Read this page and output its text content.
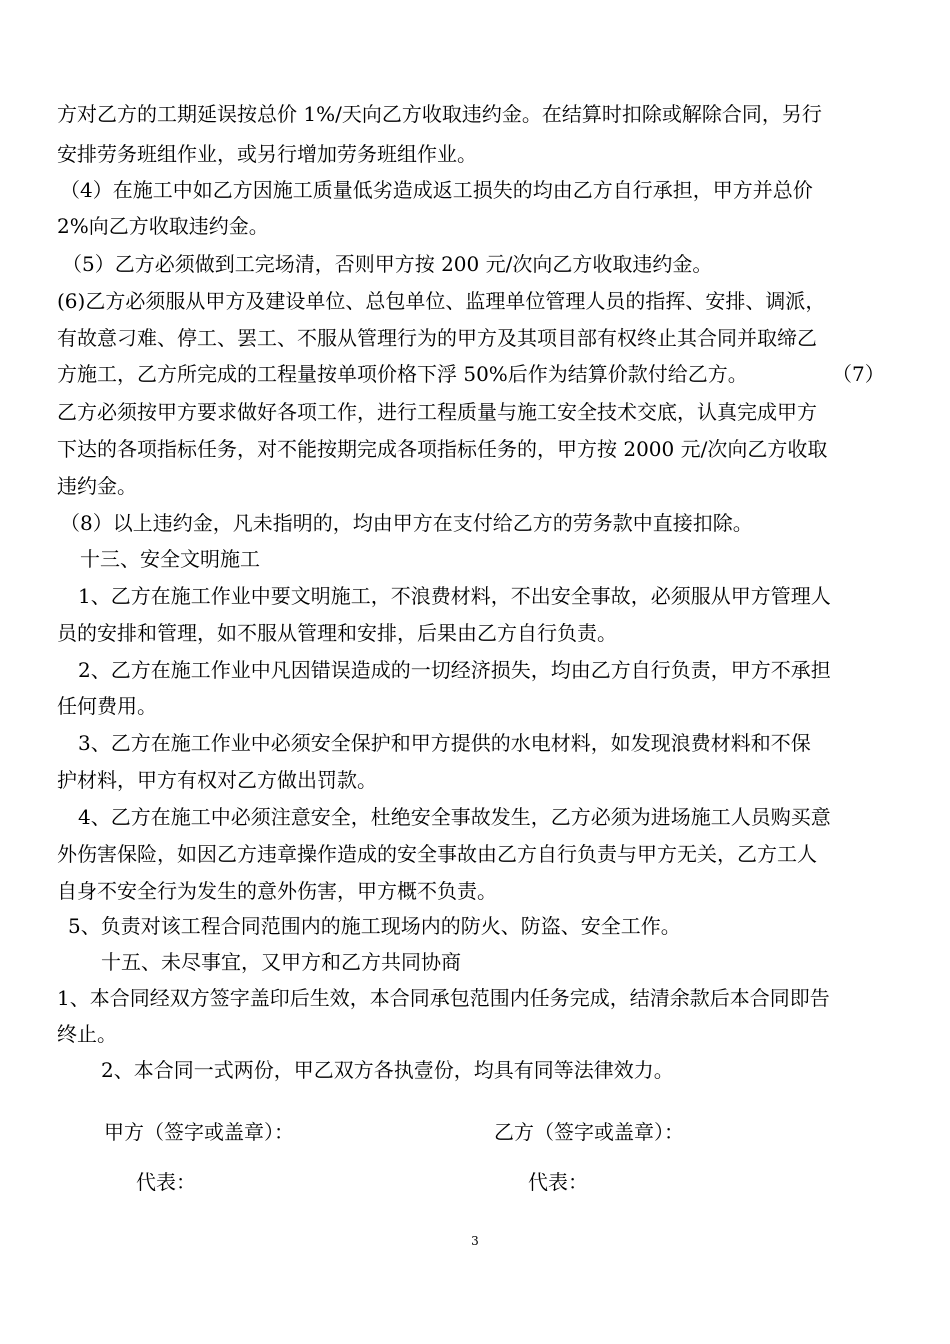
方对乙方的工期延误按总价 1%/天向乙方收取违约金。在结算时扣除或解除合同，另行
安排劳务班组作业，或另行增加劳务班组作业。
（4）在施工中如乙方因施工质量低劣造成返工损失的均由乙方自行承担，甲方并总价
2%向乙方收取违约金。
（5）乙方必须做到工完场清，否则甲方按 200 元/次向乙方收取违约金。
(6)乙方必须服从甲方及建设单位、总包单位、监理单位管理人员的指挥、安排、调派，
有故意刁难、停工、罢工、不服从管理行为的甲方及其项目部有权终止其合同并取缔乙
方施工，乙方所完成的工程量按单项价格下浮 50%后作为结算价款付给乙方。	（7）
乙方必须按甲方要求做好各项工作，进行工程质量与施工安全技术交底，认真完成甲方
下达的各项指标任务，对不能按期完成各项指标任务的，甲方按 2000 元/次向乙方收取
违约金。
（8）以上违约金，凡未指明的，均由甲方在支付给乙方的劳务款中直接扣除。
十三、安全文明施工
1、乙方在施工作业中要文明施工，不浪费材料，不出安全事故，必须服从甲方管理人
员的安排和管理，如不服从管理和安排，后果由乙方自行负责。
2、乙方在施工作业中凡因错误造成的一切经济损失，均由乙方自行负责，甲方不承担
任何费用。
3、乙方在施工作业中必须安全保护和甲方提供的水电材料，如发现浪费材料和不保
护材料，甲方有权对乙方做出罚款。
4、乙方在施工中必须注意安全，杜绝安全事故发生，乙方必须为进场施工人员购买意
外伤害保险，如因乙方违章操作造成的安全事故由乙方自行负责与甲方无关，乙方工人
自身不安全行为发生的意外伤害，甲方概不负责。
5、负责对该工程合同范围内的施工现场内的防火、防盗、安全工作。
十五、未尽事宜，又甲方和乙方共同协商
1、本合同经双方签字盖印后生效，本合同承包范围内任务完成，结清余款后本合同即告
终止。
2、本合同一式两份，甲乙双方各执壹份，均具有同等法律效力。
甲方（签字或盖章）：	乙方（签字或盖章）：
代表：	代表：
3
